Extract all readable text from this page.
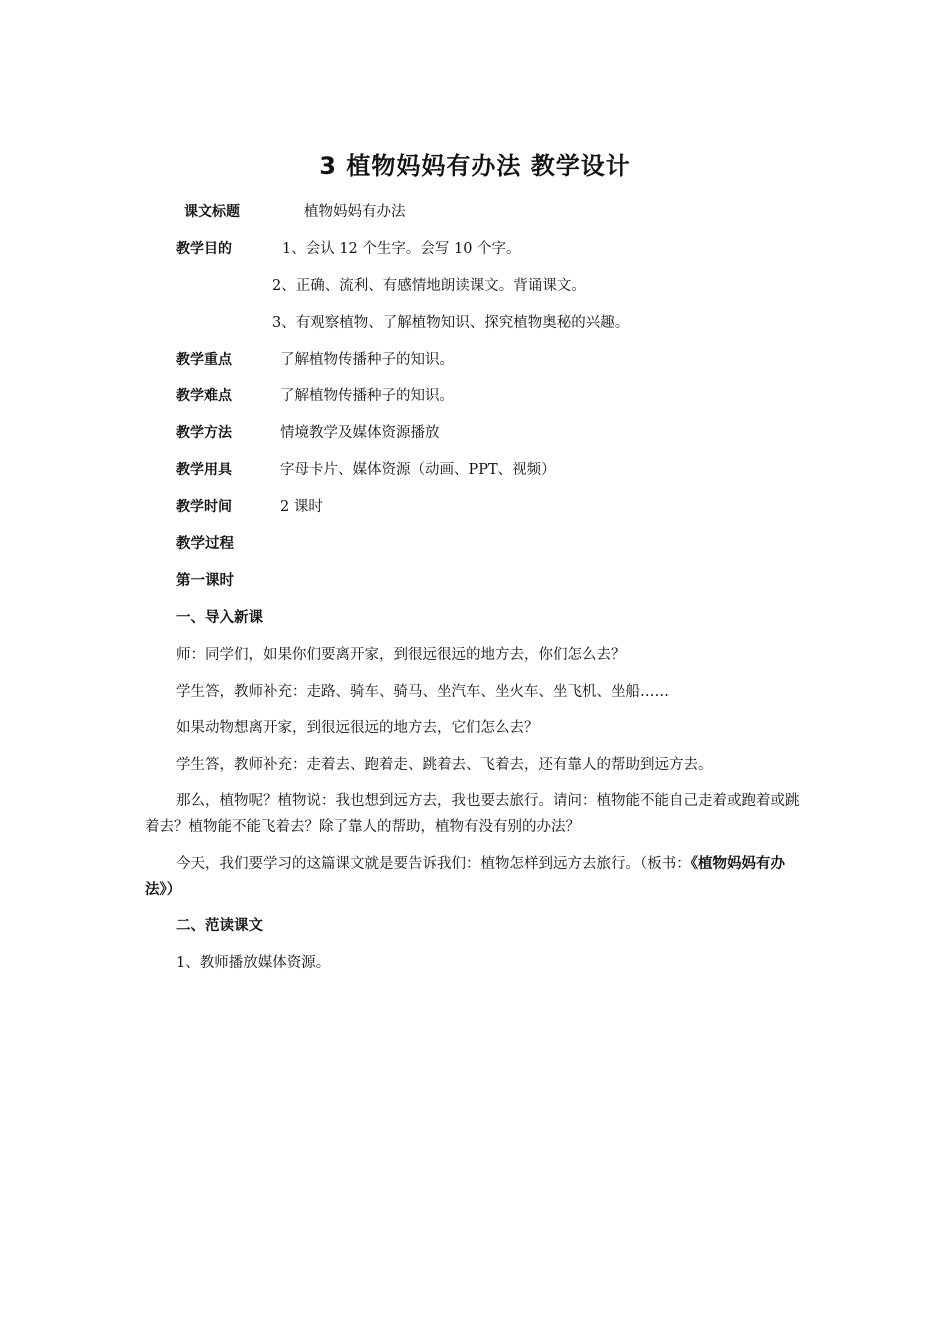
3 植物妈妈有办法 教学设计
课文标题	植物妈妈有办法
教学目的	1、会认 12 个生字。会写 10 个字。
2、正确、流利、有感情地朗读课文。背诵课文。
3、有观察植物、了解植物知识、探究植物奥秘的兴趣。
教学重点	了解植物传播种子的知识。
教学难点	了解植物传播种子的知识。
教学方法	情境教学及媒体资源播放
教学用具	字母卡片、媒体资源（动画、PPT、视频）
教学时间	2 课时
教学过程
第一课时
一、导入新课
师：同学们，如果你们要离开家，到很远很远的地方去，你们怎么去？
学生答，教师补充：走路、骑车、骑马、坐汽车、坐火车、坐飞机、坐船……
如果动物想离开家，到很远很远的地方去，它们怎么去？
学生答，教师补充：走着去、跑着走、跳着去、飞着去，还有靠人的帮助到远方去。
那么，植物呢？植物说：我也想到远方去，我也要去旅行。请问：植物能不能自己走着或跑着或跳着去？植物能不能飞着去？除了靠人的帮助，植物有没有别的办法？
今天，我们要学习的这篇课文就是要告诉我们：植物怎样到远方去旅行。（板书：《植物妈妈有办法》）
二、范读课文
1、教师播放媒体资源。
